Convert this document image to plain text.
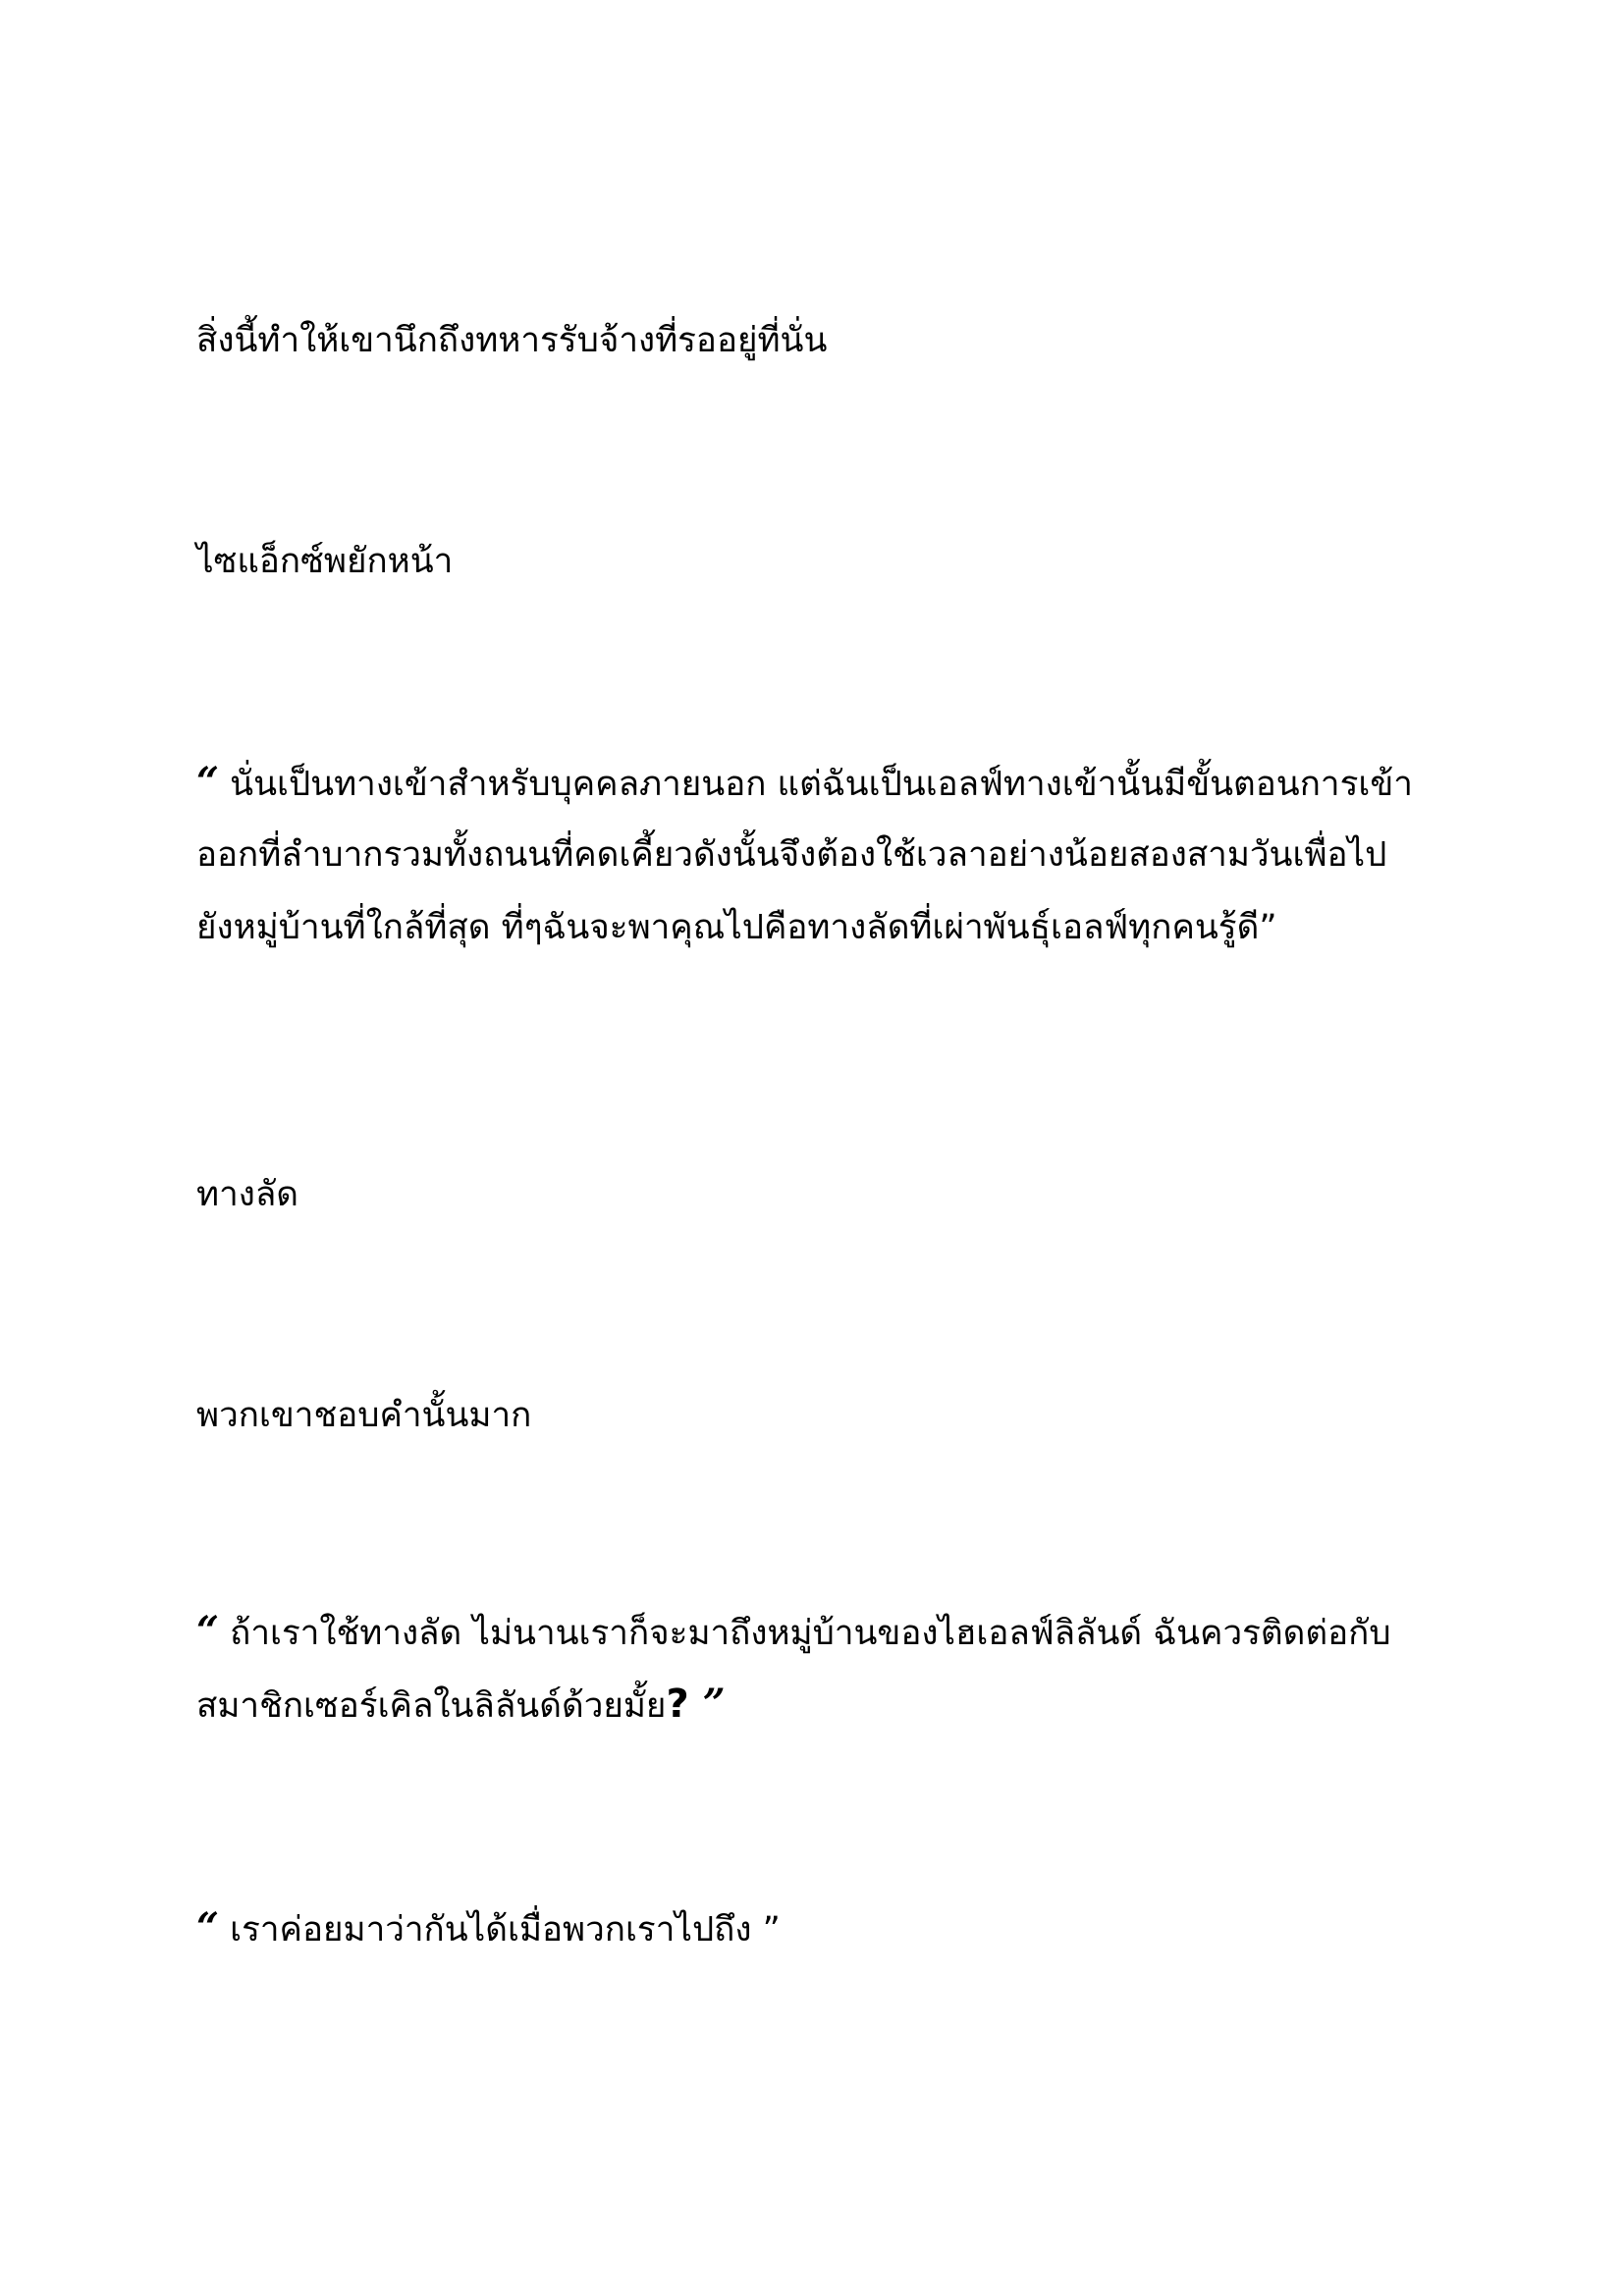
สิ่งนี้ทำให้เขานึกถึงทหารรับจ้างที่รออยู่ที่นั่น

ไซแอ็กซ์พยักหน้า

“ นั่นเป็นทางเข้าสำหรับบุคคลภายนอก แต่ฉันเป็นเอลฟ์ทางเข้านั้นมีขั้นตอนการเข้า
ออกที่ลำบากรวมทั้งถนนที่คดเคี้ยวดังนั้นจึงต้องใช้เวลาอย่างน้อยสองสามวันเพื่อไป
ยังหมู่บ้านที่ใกล้ที่สุด ที่ๆฉันจะพาคุณไปคือทางลัดที่เผ่าพันธุ์เอลฟ์ทุกคนรู้ดี”

ทางลัด

พวกเขาชอบคำนั้นมาก

“ ถ้าเราใช้ทางลัด ไม่นานเราก็จะมาถึงหมู่บ้านของไฮเอลฟ์ลิลันด์ ฉันควรติดต่อกับ
สมาชิกเซอร์เคิลในลิลันด์ด้วยมั้ย? ”

“ เราค่อยมาว่ากันได้เมื่อพวกเราไปถึง ”
